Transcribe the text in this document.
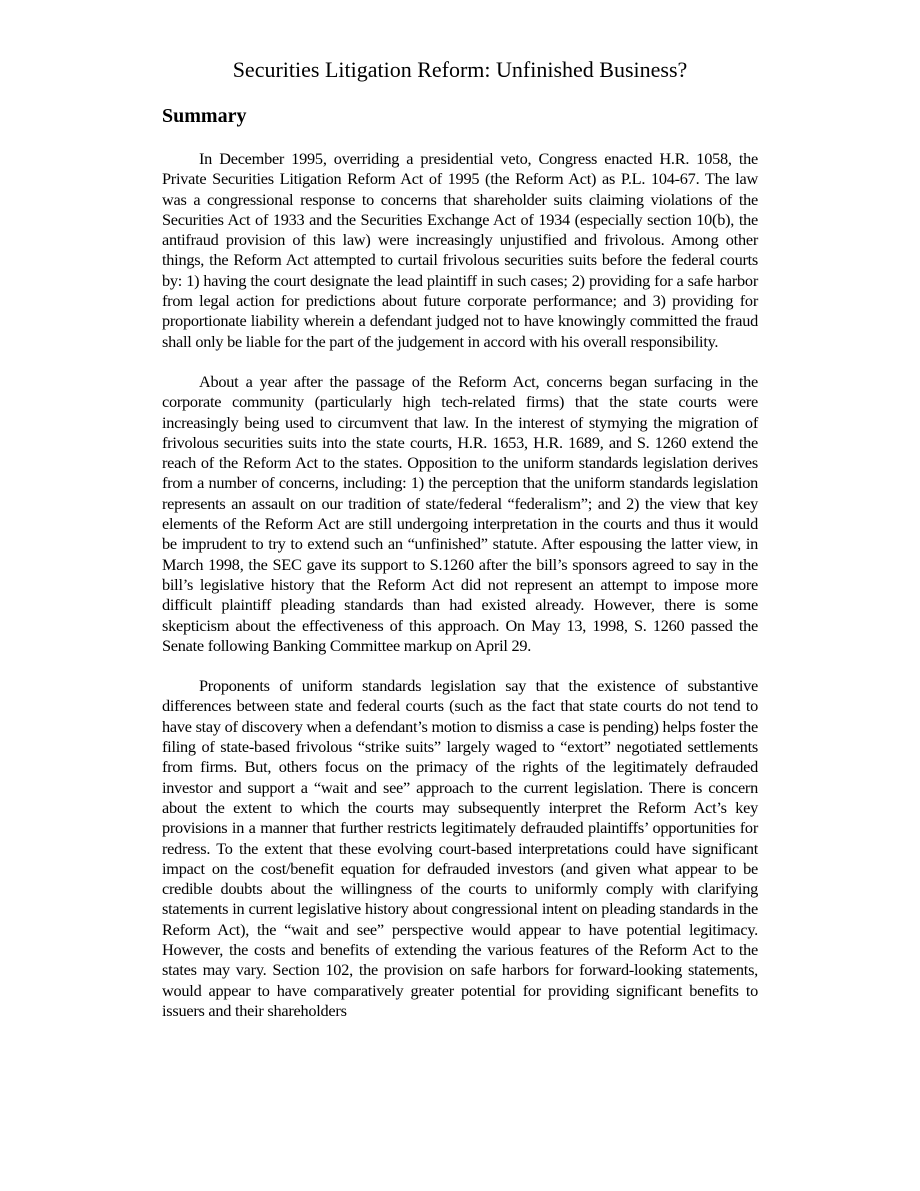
Securities Litigation Reform: Unfinished Business?
Summary

In December 1995, overriding a presidential veto, Congress enacted H.R. 1058, the Private Securities Litigation Reform Act of 1995 (the Reform Act) as P.L. 104-67. The law was a congressional response to concerns that shareholder suits claiming violations of the Securities Act of 1933 and the Securities Exchange Act of 1934 (especially section 10(b), the antifraud provision of this law) were increasingly unjustified and frivolous. Among other things, the Reform Act attempted to curtail frivolous securities suits before the federal courts by: 1) having the court designate the lead plaintiff in such cases; 2) providing for a safe harbor from legal action for predictions about future corporate performance; and 3) providing for proportionate liability wherein a defendant judged not to have knowingly committed the fraud shall only be liable for the part of the judgement in accord with his overall responsibility.

About a year after the passage of the Reform Act, concerns began surfacing in the corporate community (particularly high tech-related firms) that the state courts were increasingly being used to circumvent that law. In the interest of stymying the migration of frivolous securities suits into the state courts, H.R. 1653, H.R. 1689, and S. 1260 extend the reach of the Reform Act to the states. Opposition to the uniform standards legislation derives from a number of concerns, including: 1) the perception that the uniform standards legislation represents an assault on our tradition of state/federal “federalism”; and 2) the view that key elements of the Reform Act are still undergoing interpretation in the courts and thus it would be imprudent to try to extend such an “unfinished” statute. After espousing the latter view, in March 1998, the SEC gave its support to S.1260 after the bill’s sponsors agreed to say in the bill’s legislative history that the Reform Act did not represent an attempt to impose more difficult plaintiff pleading standards than had existed already. However, there is some skepticism about the effectiveness of this approach. On May 13, 1998, S. 1260 passed the Senate following Banking Committee markup on April 29.

Proponents of uniform standards legislation say that the existence of substantive differences between state and federal courts (such as the fact that state courts do not tend to have stay of discovery when a defendant’s motion to dismiss a case is pending) helps foster the filing of state-based frivolous “strike suits” largely waged to “extort” negotiated settlements from firms. But, others focus on the primacy of the rights of the legitimately defrauded investor and support a “wait and see” approach to the current legislation. There is concern about the extent to which the courts may subsequently interpret the Reform Act’s key provisions in a manner that further restricts legitimately defrauded plaintiffs’ opportunities for redress. To the extent that these evolving court-based interpretations could have significant impact on the cost/benefit equation for defrauded investors (and given what appear to be credible doubts about the willingness of the courts to uniformly comply with clarifying statements in current legislative history about congressional intent on pleading standards in the Reform Act), the “wait and see” perspective would appear to have potential legitimacy. However, the costs and benefits of extending the various features of the Reform Act to the states may vary. Section 102, the provision on safe harbors for forward-looking statements, would appear to have comparatively greater potential for providing significant benefits to issuers and their shareholders
